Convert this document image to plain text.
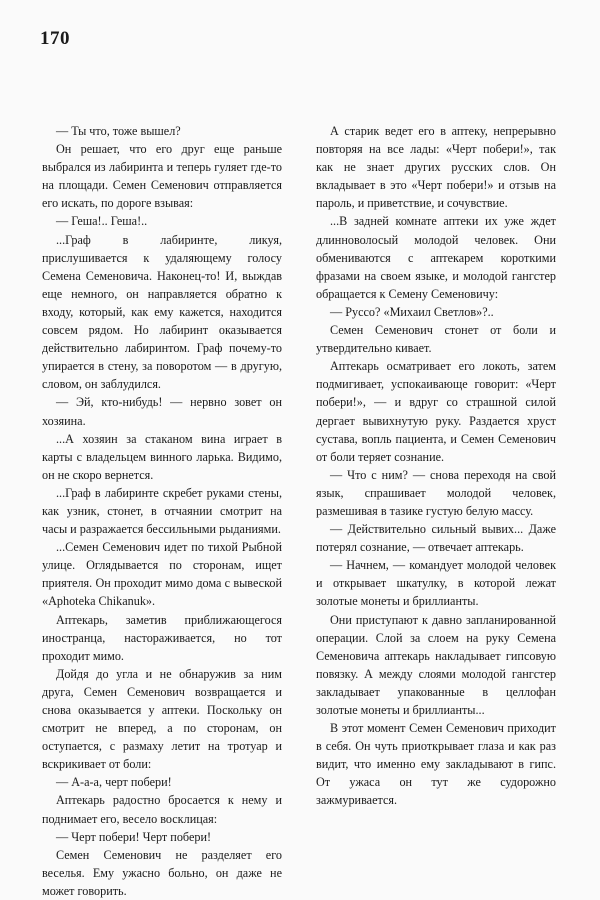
170

— Ты что, тоже вышел?

Он решает, что его друг еще раньше выбрался из лабиринта и теперь гуляет где-то на площади. Семен Семенович отправляется его искать, по дороге взывая:

— Геша!.. Геша!..

...Граф в лабиринте, ликуя, прислушивается к удаляющему голосу Семена Семеновича. Наконец-то! И, выждав еще немного, он направляется обратно к входу, который, как ему кажется, находится совсем рядом. Но лабиринт оказывается действительно лабиринтом. Граф почему-то упирается в стену, за поворотом — в другую, словом, он заблудился.

— Эй, кто-нибудь! — нервно зовет он хозяина.

...А хозяин за стаканом вина играет в карты с владельцем винного ларька. Видимо, он не скоро вернется.

...Граф в лабиринте скребет руками стены, как узник, стонет, в отчаянии смотрит на часы и разражается бессильными рыданиями.

...Семен Семенович идет по тихой Рыбной улице. Оглядывается по сторонам, ищет приятеля. Он проходит мимо дома с вывеской «Aphoteka Chikanuk».

Аптекарь, заметив приближающегося иностранца, настораживается, но тот проходит мимо.

Дойдя до угла и не обнаружив за ним друга, Семен Семенович возвращается и снова оказывается у аптеки. Поскольку он смотрит не вперед, а по сторонам, он оступается, с размаху летит на тротуар и вскрикивает от боли:

— А-а-а, черт побери!

Аптекарь радостно бросается к нему и поднимает его, весело восклицая:

— Черт побери! Черт побери!

Семен Семенович не разделяет его веселья. Ему ужасно больно, он даже не может говорить.

А старик ведет его в аптеку, непрерывно повторяя на все лады: «Черт побери!», так как не знает других русских слов. Он вкладывает в это «Черт побери!» и отзыв на пароль, и приветствие, и сочувствие.

...В задней комнате аптеки их уже ждет длинноволосый молодой человек. Они обмениваются с аптекарем короткими фразами на своем языке, и молодой гангстер обращается к Семену Семеновичу:

— Руссо? «Михаил Светлов»?..

Семен Семенович стонет от боли и утвердительно кивает.

Аптекарь осматривает его локоть, затем подмигивает, успокаивающе говорит: «Черт побери!», — и вдруг со страшной силой дергает вывихнутую руку. Раздается хруст сустава, вопль пациента, и Семен Семенович от боли теряет сознание.

— Что с ним? — снова переходя на свой язык, спрашивает молодой человек, размешивая в тазике густую белую массу.

— Действительно сильный вывих... Даже потерял сознание, — отвечает аптекарь.

— Начнем, — командует молодой человек и открывает шкатулку, в которой лежат золотые монеты и бриллианты.

Они приступают к давно запланированной операции. Слой за слоем на руку Семена Семеновича аптекарь накладывает гипсовую повязку. А между слоями молодой гангстер закладывает упакованные в целлофан золотые монеты и бриллианты...

В этот момент Семен Семенович приходит в себя. Он чуть приоткрывает глаза и как раз видит, что именно ему закладывают в гипс. От ужаса он тут же судорожно зажмуривается.
